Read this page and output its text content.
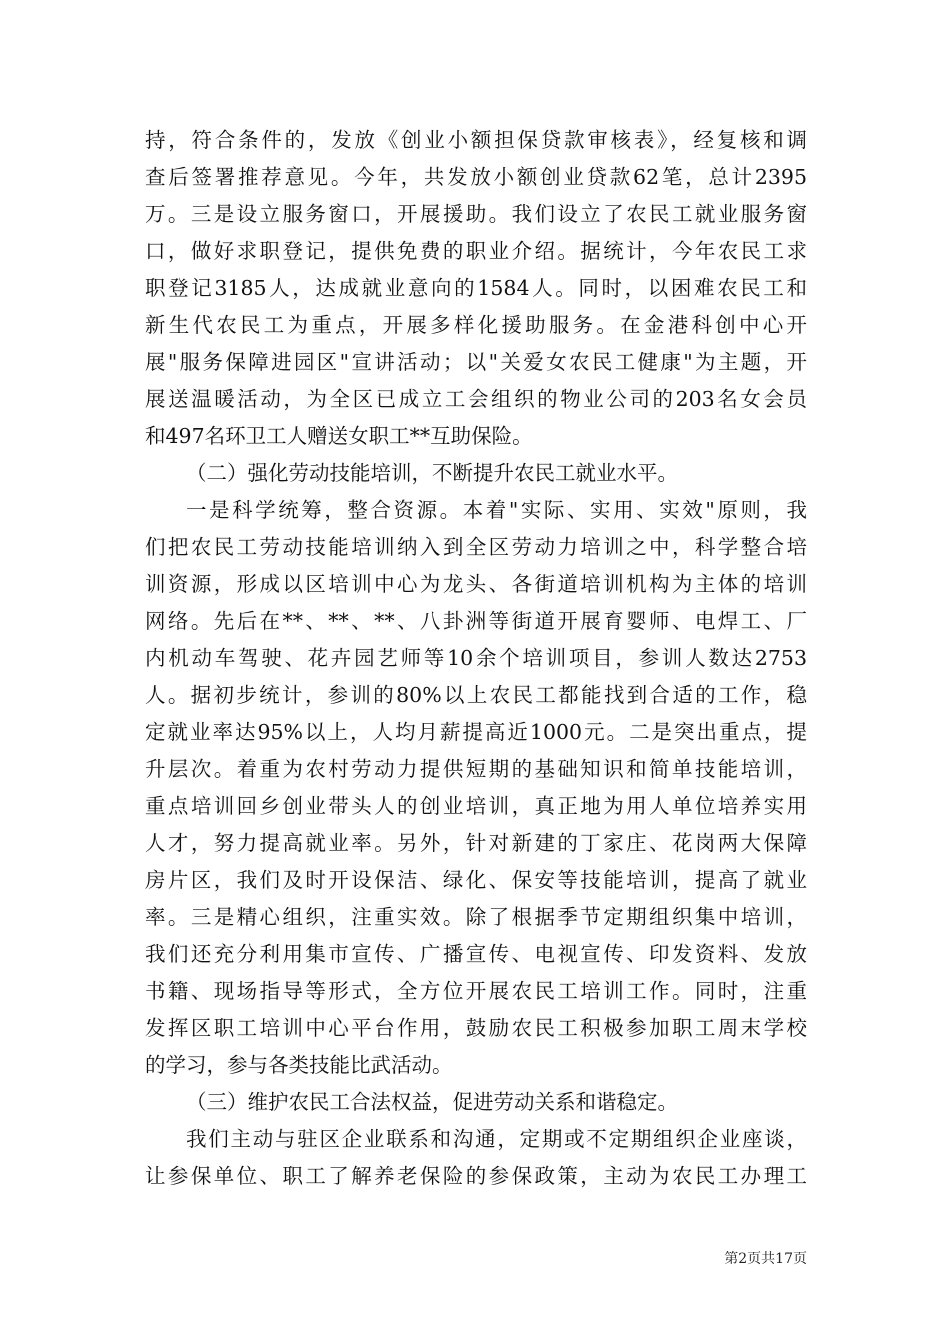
持，符合条件的，发放《创业小额担保贷款审核表》，经复核和调
查后签署推荐意见。今年，共发放小额创业贷款62笔，总计2395
万。三是设立服务窗口，开展援助。我们设立了农民工就业服务窗
口，做好求职登记，提供免费的职业介绍。据统计，今年农民工求
职登记3185人，达成就业意向的1584人。同时，以困难农民工和
新生代农民工为重点，开展多样化援助服务。在金港科创中心开
展"服务保障进园区"宣讲活动；以"关爱女农民工健康"为主题，开
展送温暖活动，为全区已成立工会组织的物业公司的203名女会员
和497名环卫工人赠送女职工**互助保险。
（二）强化劳动技能培训，不断提升农民工就业水平。
一是科学统筹，整合资源。本着"实际、实用、实效"原则，我
们把农民工劳动技能培训纳入到全区劳动力培训之中，科学整合培
训资源，形成以区培训中心为龙头、各街道培训机构为主体的培训
网络。先后在**、**、**、八卦洲等街道开展育婴师、电焊工、厂
内机动车驾驶、花卉园艺师等10余个培训项目，参训人数达2753
人。据初步统计，参训的80%以上农民工都能找到合适的工作，稳
定就业率达95%以上，人均月薪提高近1000元。二是突出重点，提
升层次。着重为农村劳动力提供短期的基础知识和简单技能培训，
重点培训回乡创业带头人的创业培训，真正地为用人单位培养实用
人才，努力提高就业率。另外，针对新建的丁家庄、花岗两大保障
房片区，我们及时开设保洁、绿化、保安等技能培训，提高了就业
率。三是精心组织，注重实效。除了根据季节定期组织集中培训，
我们还充分利用集市宣传、广播宣传、电视宣传、印发资料、发放
书籍、现场指导等形式，全方位开展农民工培训工作。同时，注重
发挥区职工培训中心平台作用，鼓励农民工积极参加职工周末学校
的学习，参与各类技能比武活动。
（三）维护农民工合法权益，促进劳动关系和谐稳定。
我们主动与驻区企业联系和沟通，定期或不定期组织企业座谈，
让参保单位、职工了解养老保险的参保政策，主动为农民工办理工
第2页共17页
